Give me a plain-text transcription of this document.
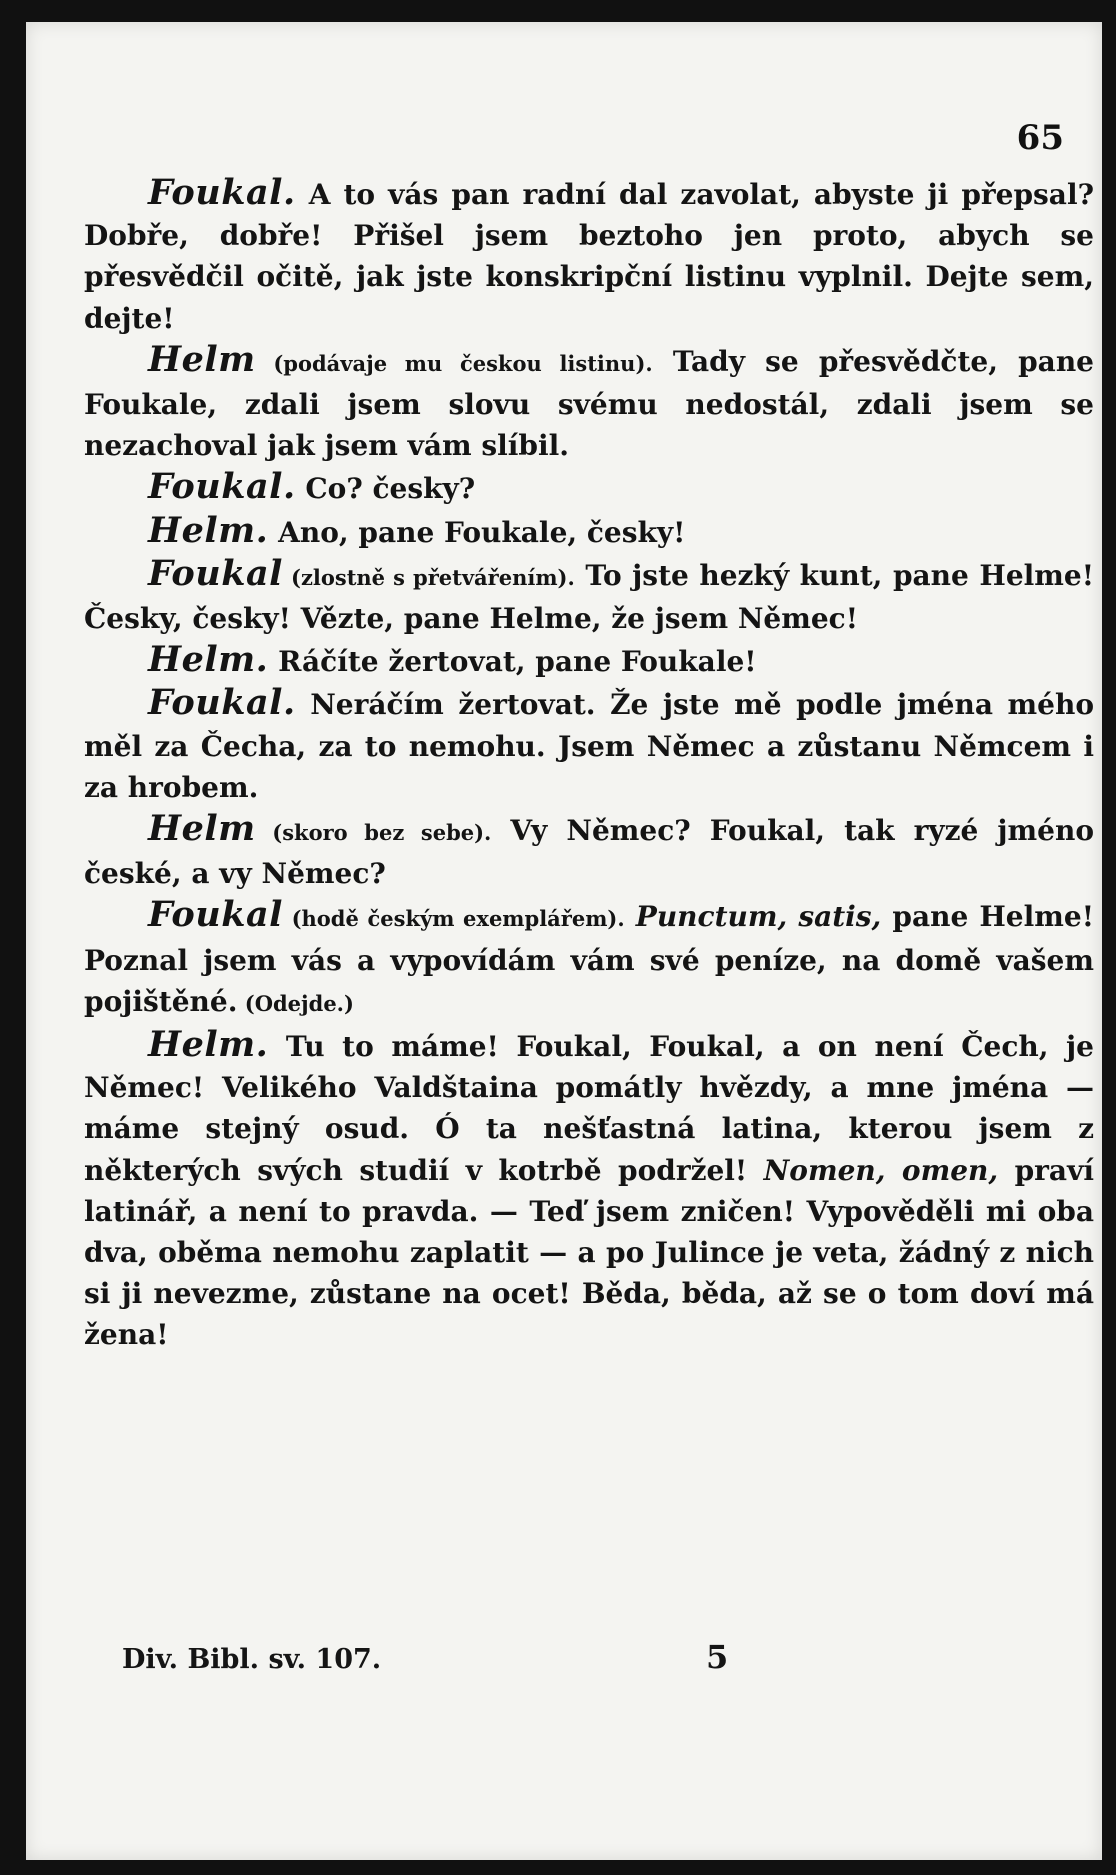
65

Foukal. A to vás pan radní dal zavolat, abyste ji přepsal? Dobře, dobře! Přišel jsem beztoho jen proto, abych se přesvědčil očitě, jak jste konskripční listinu vyplnil. Dejte sem, dejte!

Helm (podávaje mu českou listinu). Tady se přesvědčte, pane Foukale, zdali jsem slovu svému nedostál, zdali jsem se nezachoval jak jsem vám slíbil.

Foukal. Co? česky?

Helm. Ano, pane Foukale, česky!

Foukal (zlostně s přetvářením). To jste hezký kunt, pane Helme! Česky, česky! Vězte, pane Helme, že jsem Němec!

Helm. Ráčíte žertovat, pane Foukale!

Foukal. Neráčím žertovat. Že jste mě podle jména mého měl za Čecha, za to nemohu. Jsem Němec a zůstanu Němcem i za hrobem.

Helm (skoro bez sebe). Vy Němec? Foukal, tak ryzé jméno české, a vy Němec?

Foukal (hodě českým exemplářem). Punctum, satis, pane Helme! Poznal jsem vás a vypovídám vám své peníze, na domě vašem pojištěné. (Odejde.)

Helm. Tu to máme! Foukal, Foukal, a on není Čech, je Němec! Velikého Valdštaina pomátly hvězdy, a mne jména — máme stejný osud. Ó ta nešťastná latina, kterou jsem z některých svých studií v kotrbě podržel! Nomen, omen, praví latinář, a není to pravda. — Teď jsem zničen! Vypověděli mi oba dva, oběma nemohu zaplatit — a po Julince je veta, žádný z nich si ji nevezme, zůstane na ocet! Běda, běda, až se o tom doví má žena!

Div. Bibl. sv. 107.	5
